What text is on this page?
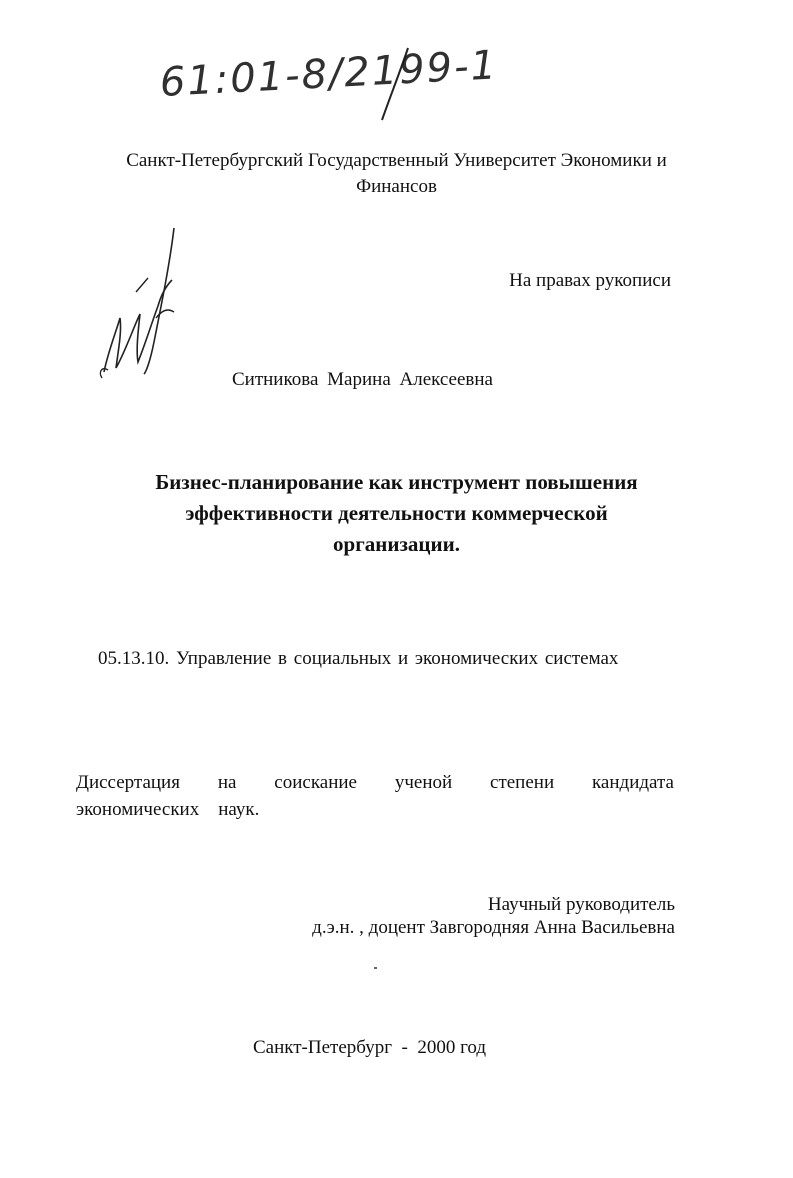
61:01-8/2199-1
Санкт-Петербургский Государственный Университет Экономики и
Финансов
На правах рукописи
Ситникова Марина Алексеевна
Бизнес-планирование как инструмент повышения
эффективности деятельности коммерческой
организации.
05.13.10. Управление в социальных и экономических системах
Диссертация на соискание ученой степени кандидата
экономических    наук.
Научный руководитель
д.э.н. , доцент Завгородняя Анна Васильевна
Санкт-Петербург  -  2000 год
